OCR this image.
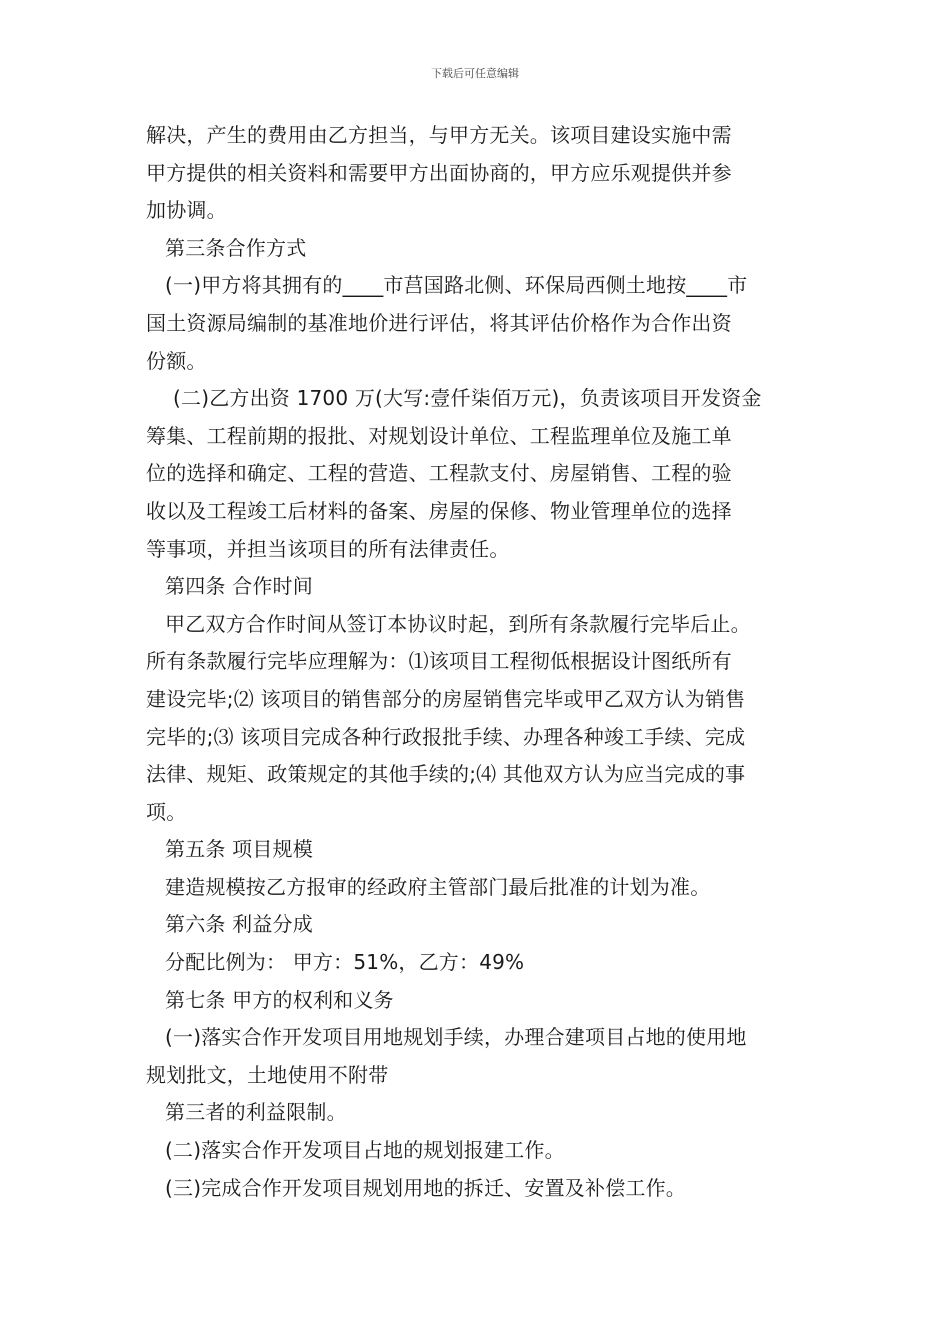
下载后可任意编辑
解决，产生的费用由乙方担当，与甲方无关。该项目建设实施中需
甲方提供的相关资料和需要甲方出面协商的，甲方应乐观提供并参
加协调。
第三条合作方式
(一)甲方将其拥有的____市莒国路北侧、环保局西侧土地按____市
国土资源局编制的基准地价进行评估，将其评估价格作为合作出资
份额。
(二)乙方出资 1700 万(大写:壹仟柒佰万元)，负责该项目开发资金
筹集、工程前期的报批、对规划设计单位、工程监理单位及施工单
位的选择和确定、工程的营造、工程款支付、房屋销售、工程的验
收以及工程竣工后材料的备案、房屋的保修、物业管理单位的选择
等事项，并担当该项目的所有法律责任。
第四条 合作时间
甲乙双方合作时间从签订本协议时起，到所有条款履行完毕后止。
所有条款履行完毕应理解为：⑴该项目工程彻低根据设计图纸所有
建设完毕;⑵ 该项目的销售部分的房屋销售完毕或甲乙双方认为销售
完毕的;⑶ 该项目完成各种行政报批手续、办理各种竣工手续、完成
法律、规矩、政策规定的其他手续的;⑷ 其他双方认为应当完成的事
项。
第五条 项目规模
建造规模按乙方报审的经政府主管部门最后批准的计划为准。
第六条 利益分成
分配比例为： 甲方：51%，乙方：49%
第七条 甲方的权利和义务
(一)落实合作开发项目用地规划手续，办理合建项目占地的使用地
规划批文，土地使用不附带
第三者的利益限制。
(二)落实合作开发项目占地的规划报建工作。
(三)完成合作开发项目规划用地的拆迁、安置及补偿工作。
